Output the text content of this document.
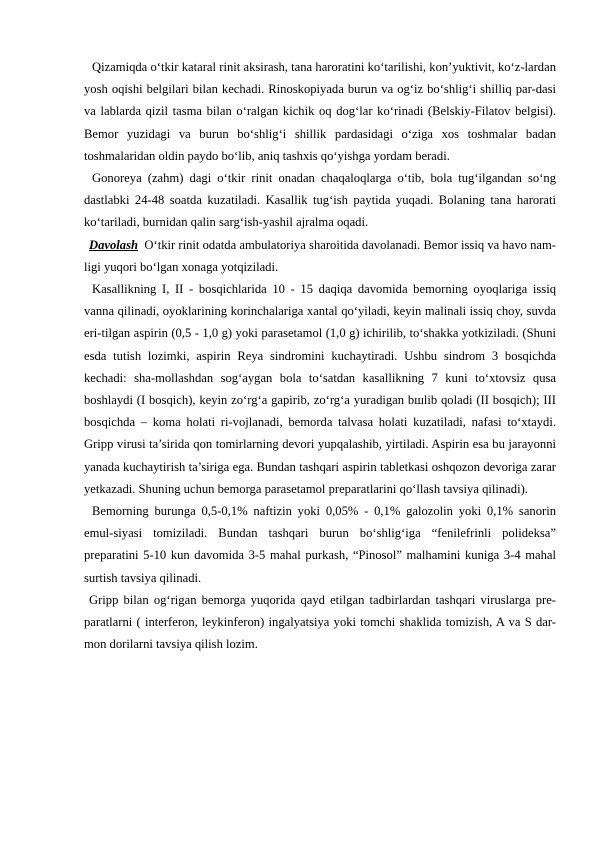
Qizamiqda o‘tkir kataral rinit aksirash, tana haroratini ko‘tarilishi, kon’yuktivit, ko‘z-lardan yosh oqishi belgilari bilan kechadi. Rinoskopiyada burun va og‘iz bo‘shlig‘i shilliq par-dasi va lablarda qizil tasma bilan o‘ralgan kichik oq dog‘lar ko‘rinadi (Belskiy-Filatov belgisi). Bemor yuzidagi va burun bo‘shlig‘i shillik pardasidagi o‘ziga xos toshmalar badan toshmalaridan oldin paydo bo‘lib, aniq tashxis qo‘yishga yordam beradi.

Gonoreya (zahm) dagi o‘tkir rinit onadan chaqaloqlarga o‘tib, bola tug‘ilgandan so‘ng dastlabki 24-48 soatda kuzatiladi. Kasallik tug‘ish paytida yuqadi. Bolaning tana harorati ko‘tariladi, burnidan qalin sarg‘ish-yashil ajralma oqadi.

Davolash O‘tkir rinit odatda ambulatoriya sharoitida davolanadi. Bemor issiq va havo nam-ligi yuqori bo‘lgan xonaga yotqiziladi.

Kasallikning I, II - bosqichlarida 10 - 15 daqiqa davomida bemorning oyoqlariga issiq vanna qilinadi, oyoklarining korinchalariga xantal qo‘yiladi, keyin malinali issiq choy, suvda eri-tilgan aspirin (0,5 - 1,0 g) yoki parasetamol (1,0 g) ichirilib, to‘shakka yotkiziladi. (Shuni esda tutish lozimki, aspirin Reya sindromini kuchaytiradi. Ushbu sindrom 3 bosqichda kechadi: sha-mollashdan sog‘aygan bola to‘satdan kasallikning 7 kuni to‘xtovsiz qusa boshlaydi (I bosqich), keyin zo‘rg‘a gapirib, zo‘rg‘a yuradigan bшlib qoladi (II bosqich); III bosqichda – koma holati ri-vojlanadi, bemorda talvasa holati kuzatiladi, nafasi to‘xtaydi. Gripp virusi ta’sirida qon tomirlarning devori yupqalashib, yirtiladi. Aspirin esa bu jarayonni yanada kuchaytirish ta’siriga ega. Bundan tashqari aspirin tabletkasi oshqozon devoriga zarar yetkazadi. Shuning uchun bemorga parasetamol preparatlarini qo‘llash tavsiya qilinadi).

Bemorning burunga 0,5-0,1% naftizin yoki 0,05% - 0,1% galozolin yoki 0,1% sanorin emul-siyasi tomiziladi. Bundan tashqari burun bo‘shlig‘iga “fenilefrinli polideksa” preparatini 5-10 kun davomida 3-5 mahal purkash, “Pinosol” malhamini kuniga 3-4 mahal surtish tavsiya qilinadi.

Gripp bilan og‘rigan bemorga yuqorida qayd etilgan tadbirlardan tashqari viruslarga pre-paratlarni ( interferon, leykinferon) ingalyatsiya yoki tomchi shaklida tomizish, A va S dar-mon dorilarni tavsiya qilish lozim.
